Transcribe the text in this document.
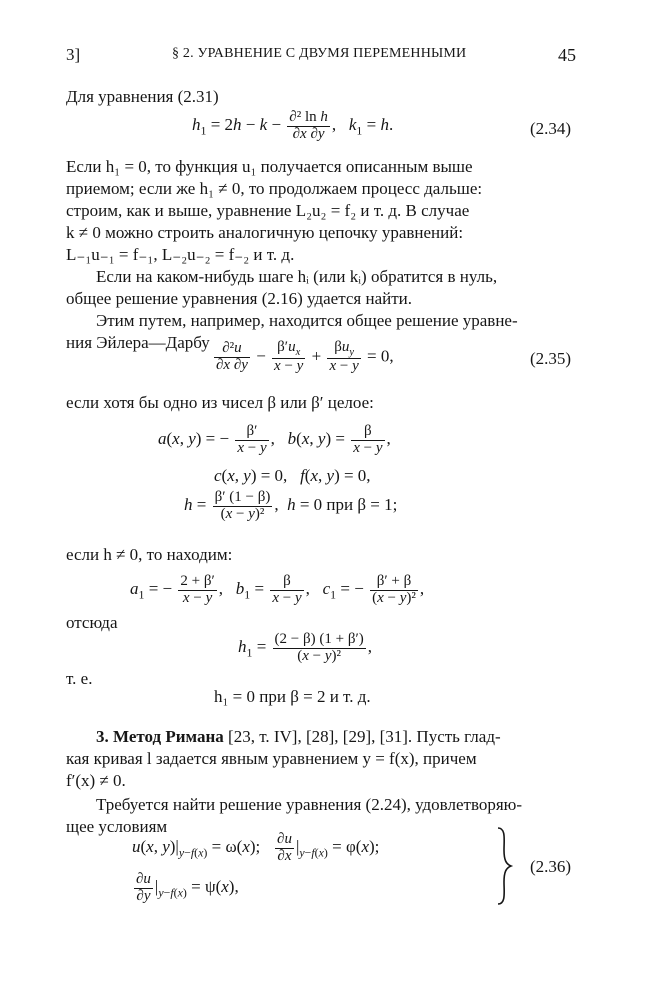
3]	§ 2. УРАВНЕНИЕ С ДВУМЯ ПЕРЕМЕННЫМИ	45
Для уравнения (2.31)
$h_1 = 2h - k - \frac{\text{∂² ln h}}{\partial x \partial y}$ ,   $k_1 = h$.	(2.34)
Если h₁ = 0, то функция u₁ получается описанным выше
приемом; если же h₁ ≠ 0, то продолжаем процесс дальше:
строим, как и выше, уравнение L₂u₂ = f₂ и т. д. В случае
k ≠ 0 можно строить аналогичную цепочку уравнений:
L₋₁u₋₁ = f₋₁, L₋₂u₋₂ = f₋₂ и т. д.
Если на каком-нибудь шаге hᵢ (или kᵢ) обратится в нуль,
общее решение уравнения (2.16) удается найти.
Этим путем, например, находится общее решение уравне-
ния Эйлера—Дарбу $\frac{\text{∂²u}}{\partial x \partial y} - \frac{\beta'u_x}{x - y} + \frac{\beta u_y}{x - y} = 0$,	(2.35)
если хотя бы одно из чисел β или β′ целое:
a(x, y) = − $\frac{\beta'}{x - y}$ ,   b(x, $y) = \frac{\beta}{x - y}$ ,
c(x, y) = 0,   f(x, y) = 0,
$h = \frac{\beta' (1 - \beta)}{\text{(x − y)²}}$ ,  h = 0 при β = 1;
если h ≠ 0, то находим:
$a_1$ = − $\frac{2 + \beta'}{x - y}$ ,   $b_1 = \frac{\beta}{x - y}$ ,   $c_1$ = − $\frac{\beta' + \beta}{\text{(x − y)²}}$ ,
отсюда
$h_1 = \frac{(2 - \beta) (1 + \beta')}{\text{(x − y)²}}$ ,
т. е.
h₁ = 0 при β = 2 и т. д.
3. Метод Римана [23, т. IV], [28], [29], [31]. Пусть глад-
кая кривая l задается явным уравнением y = f(x), причем
f′(x) ≠ 0.
Требуется найти решение уравнения (2.24), удовлетворяю-
щее условиям
u(x, $y)|_{y-f(x)} = \omega(x)$; $\frac{\partial u}{\partial x} |_{y-f(x)} = \varphi(x)$;
$\frac{\partial u}{\partial y} |_{y-f(x)} = \psi(x)$,
(2.36)
